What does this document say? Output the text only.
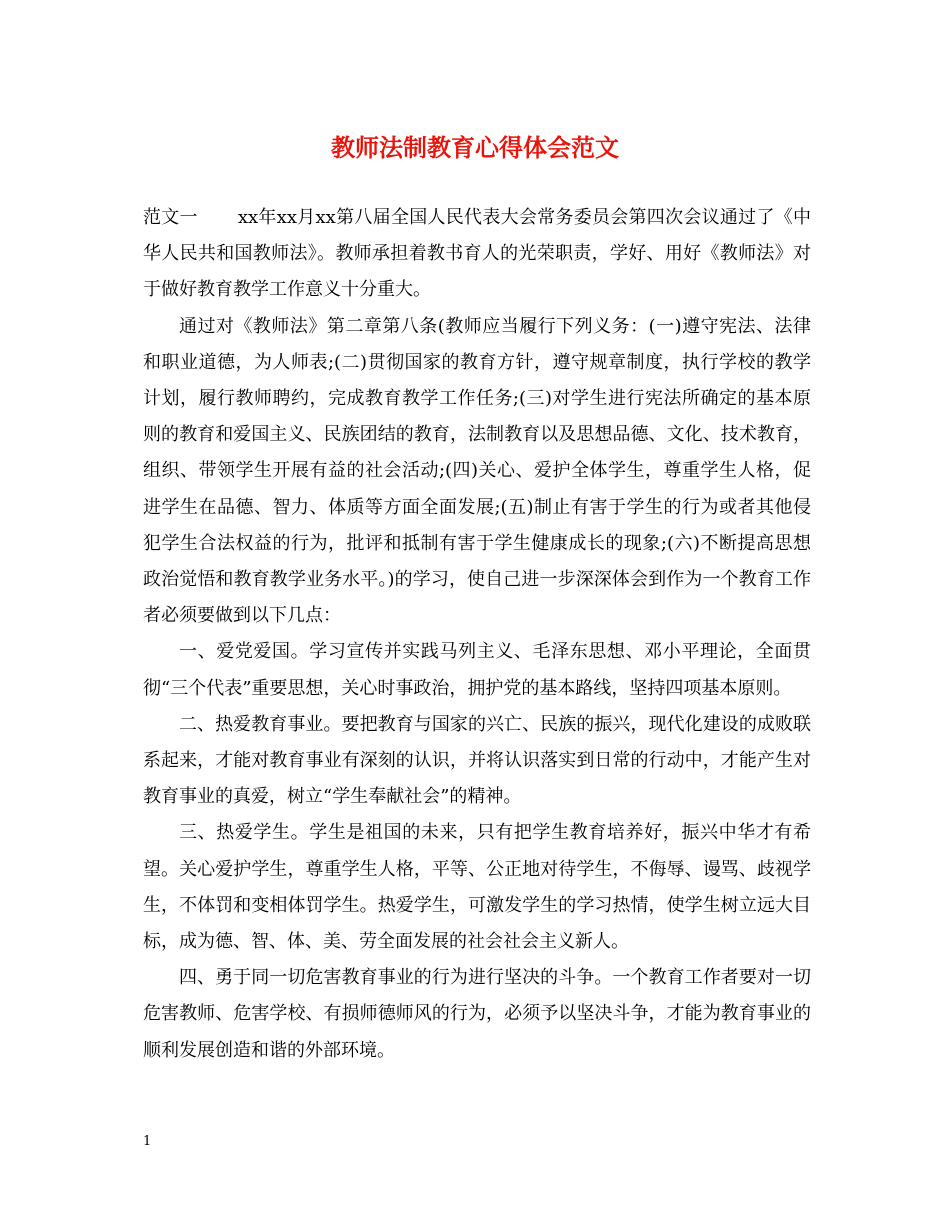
教师法制教育心得体会范文

范文一 xx年xx月xx第八届全国人民代表大会常务委员会第四次会议通过了《中华人民共和国教师法》。教师承担着教书育人的光荣职责，学好、用好《教师法》对于做好教育教学工作意义十分重大。

通过对《教师法》第二章第八条(教师应当履行下列义务：(一)遵守宪法、法律和职业道德，为人师表;(二)贯彻国家的教育方针，遵守规章制度，执行学校的教学计划，履行教师聘约，完成教育教学工作任务;(三)对学生进行宪法所确定的基本原则的教育和爱国主义、民族团结的教育，法制教育以及思想品德、文化、技术教育，组织、带领学生开展有益的社会活动;(四)关心、爱护全体学生，尊重学生人格，促进学生在品德、智力、体质等方面全面发展;(五)制止有害于学生的行为或者其他侵犯学生合法权益的行为，批评和抵制有害于学生健康成长的现象;(六)不断提高思想政治觉悟和教育教学业务水平。)的学习，使自己进一步深深体会到作为一个教育工作者必须要做到以下几点：

一、爱党爱国。学习宣传并实践马列主义、毛泽东思想、邓小平理论，全面贯彻“三个代表”重要思想，关心时事政治，拥护党的基本路线，坚持四项基本原则。

二、热爱教育事业。要把教育与国家的兴亡、民族的振兴，现代化建设的成败联系起来，才能对教育事业有深刻的认识，并将认识落实到日常的行动中，才能产生对教育事业的真爱，树立“学生奉献社会”的精神。

三、热爱学生。学生是祖国的未来，只有把学生教育培养好，振兴中华才有希望。关心爱护学生，尊重学生人格，平等、公正地对待学生，不侮辱、谩骂、歧视学生，不体罚和变相体罚学生。热爱学生，可激发学生的学习热情，使学生树立远大目标，成为德、智、体、美、劳全面发展的社会社会主义新人。

四、勇于同一切危害教育事业的行为进行坚决的斗争。一个教育工作者要对一切危害教师、危害学校、有损师德师风的行为，必须予以坚决斗争，才能为教育事业的顺利发展创造和谐的外部环境。

1
